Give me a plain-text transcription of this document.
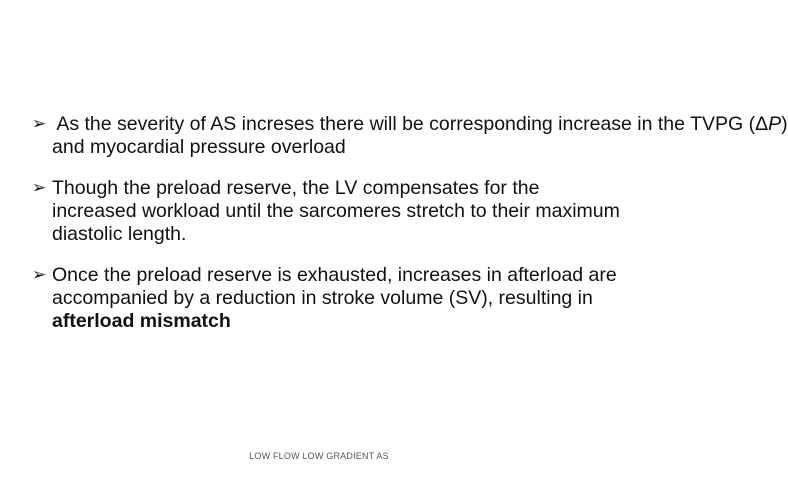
➢ As the severity of AS increses there will be corresponding increase in the TVPG (ΔP) and myocardial pressure overload
➢ Though the preload reserve, the LV compensates for the increased workload until the sarcomeres stretch to their maximum diastolic length.
➢ Once the preload reserve is exhausted, increases in afterload are accompanied by a reduction in stroke volume (SV), resulting in afterload mismatch
LOW FLOW LOW GRADIENT AS
